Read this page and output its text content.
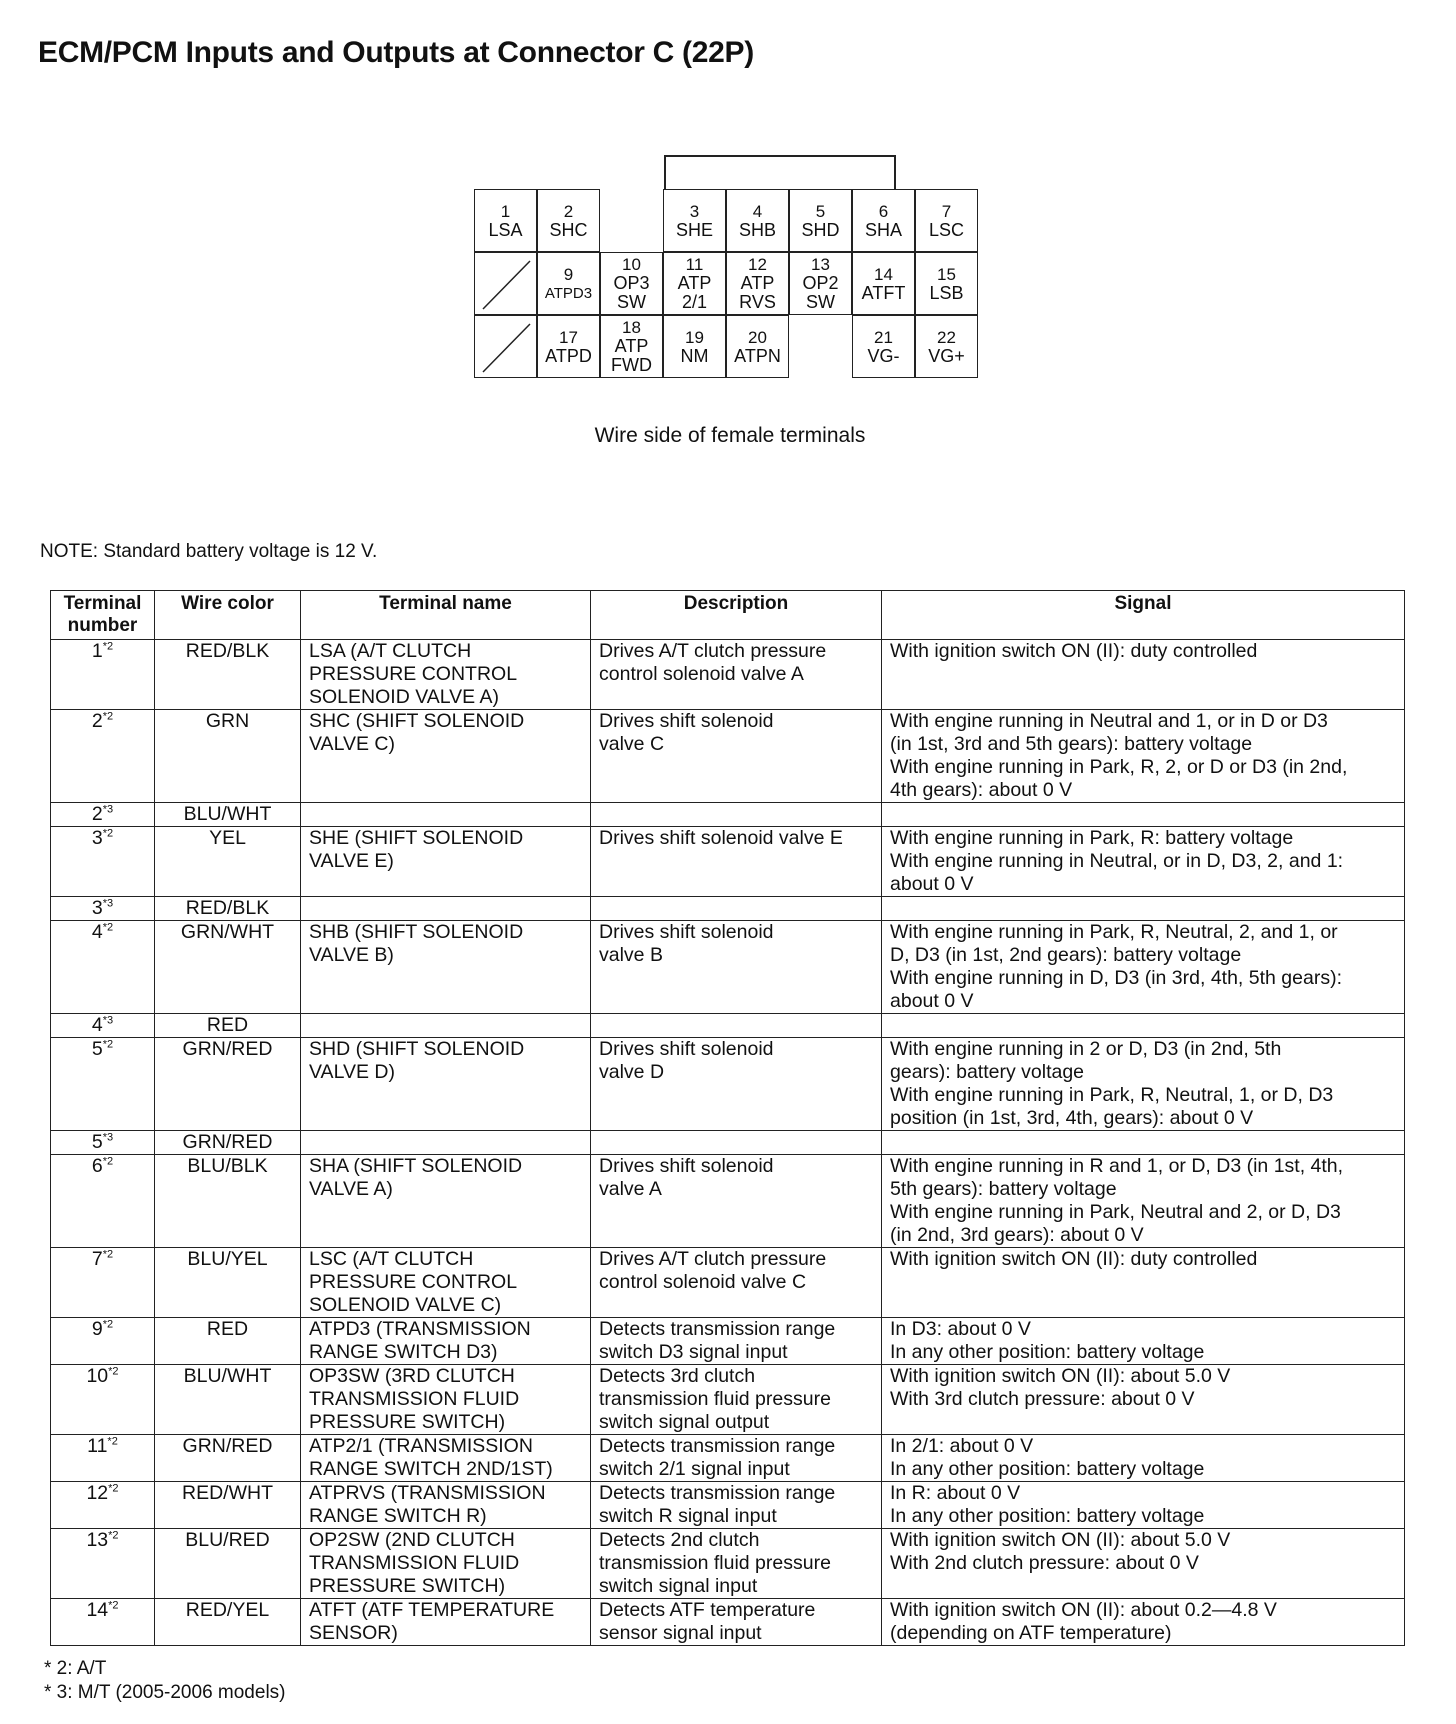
ECM/PCM Inputs and Outputs at Connector C (22P)
1
LSA
2
SHC
3
SHE
4
SHB
5
SHD
6
SHA
7
LSC
9
ATPD3
10
OP3
SW
11
ATP
2/1
12
ATP
RVS
13
OP2
SW
14
ATFT
15
LSB
17
ATPD
18
ATP
FWD
19
NM
20
ATPN
21
VG-
22
VG+

Wire side of female terminals

NOTE: Standard battery voltage is 12 V.

Terminal number	Wire color	Terminal name	Description	Signal
1$^{*2}$	RED/BLK	LSA (A/T CLUTCH
PRESSURE CONTROL
SOLENOID VALVE A)	Drives A/T clutch pressure
control solenoid valve A	With ignition switch ON (II): duty controlled

2$^{*2}$	GRN	SHC (SHIFT SOLENOID
VALVE C)	Drives shift solenoid
valve C	With engine running in Neutral and 1, or in D or D3
(in 1st, 3rd and 5th gears): battery voltage
With engine running in Park, R, 2, or D or D3 (in 2nd,
4th gears): about 0 V

2$^{*3}$	BLU/WHT			

3$^{*2}$	YEL	SHE (SHIFT SOLENOID
VALVE E)	Drives shift solenoid valve E	With engine running in Park, R: battery voltage
With engine running in Neutral, or in D, D3, 2, and 1:
about 0 V

3$^{*3}$	RED/BLK			

4$^{*2}$	GRN/WHT	SHB (SHIFT SOLENOID
VALVE B)	Drives shift solenoid
valve B	With engine running in Park, R, Neutral, 2, and 1, or
D, D3 (in 1st, 2nd gears): battery voltage
With engine running in D, D3 (in 3rd, 4th, 5th gears):
about 0 V

4$^{*3}$	RED			

5$^{*2}$	GRN/RED	SHD (SHIFT SOLENOID
VALVE D)	Drives shift solenoid
valve D	With engine running in 2 or D, D3 (in 2nd, 5th
gears): battery voltage
With engine running in Park, R, Neutral, 1, or D, D3
position (in 1st, 3rd, 4th, gears): about 0 V

5$^{*3}$	GRN/RED			

6$^{*2}$	BLU/BLK	SHA (SHIFT SOLENOID
VALVE A)	Drives shift solenoid
valve A	With engine running in R and 1, or D, D3 (in 1st, 4th,
5th gears): battery voltage
With engine running in Park, Neutral and 2, or D, D3
(in 2nd, 3rd gears): about 0 V

7$^{*2}$	BLU/YEL	LSC (A/T CLUTCH
PRESSURE CONTROL
SOLENOID VALVE C)	Drives A/T clutch pressure
control solenoid valve C	With ignition switch ON (II): duty controlled

9$^{*2}$	RED	ATPD3 (TRANSMISSION
RANGE SWITCH D3)	Detects transmission range
switch D3 signal input	In D3: about 0 V
In any other position: battery voltage

10$^{*2}$	BLU/WHT	OP3SW (3RD CLUTCH
TRANSMISSION FLUID
PRESSURE SWITCH)	Detects 3rd clutch
transmission fluid pressure
switch signal output	With ignition switch ON (II): about 5.0 V
With 3rd clutch pressure: about 0 V

11$^{*2}$	GRN/RED	ATP2/1 (TRANSMISSION
RANGE SWITCH 2ND/1ST)	Detects transmission range
switch 2/1 signal input	In 2/1: about 0 V
In any other position: battery voltage

12$^{*2}$	RED/WHT	ATPRVS (TRANSMISSION
RANGE SWITCH R)	Detects transmission range
switch R signal input	In R: about 0 V
In any other position: battery voltage

13$^{*2}$	BLU/RED	OP2SW (2ND CLUTCH
TRANSMISSION FLUID
PRESSURE SWITCH)	Detects 2nd clutch
transmission fluid pressure
switch signal input	With ignition switch ON (II): about 5.0 V
With 2nd clutch pressure: about 0 V

14$^{*2}$	RED/YEL	ATFT (ATF TEMPERATURE
SENSOR)	Detects ATF temperature
sensor signal input	With ignition switch ON (II): about 0.2—4.8 V
(depending on ATF temperature)
* 2: A/T
* 3: M/T (2005-2006 models)
